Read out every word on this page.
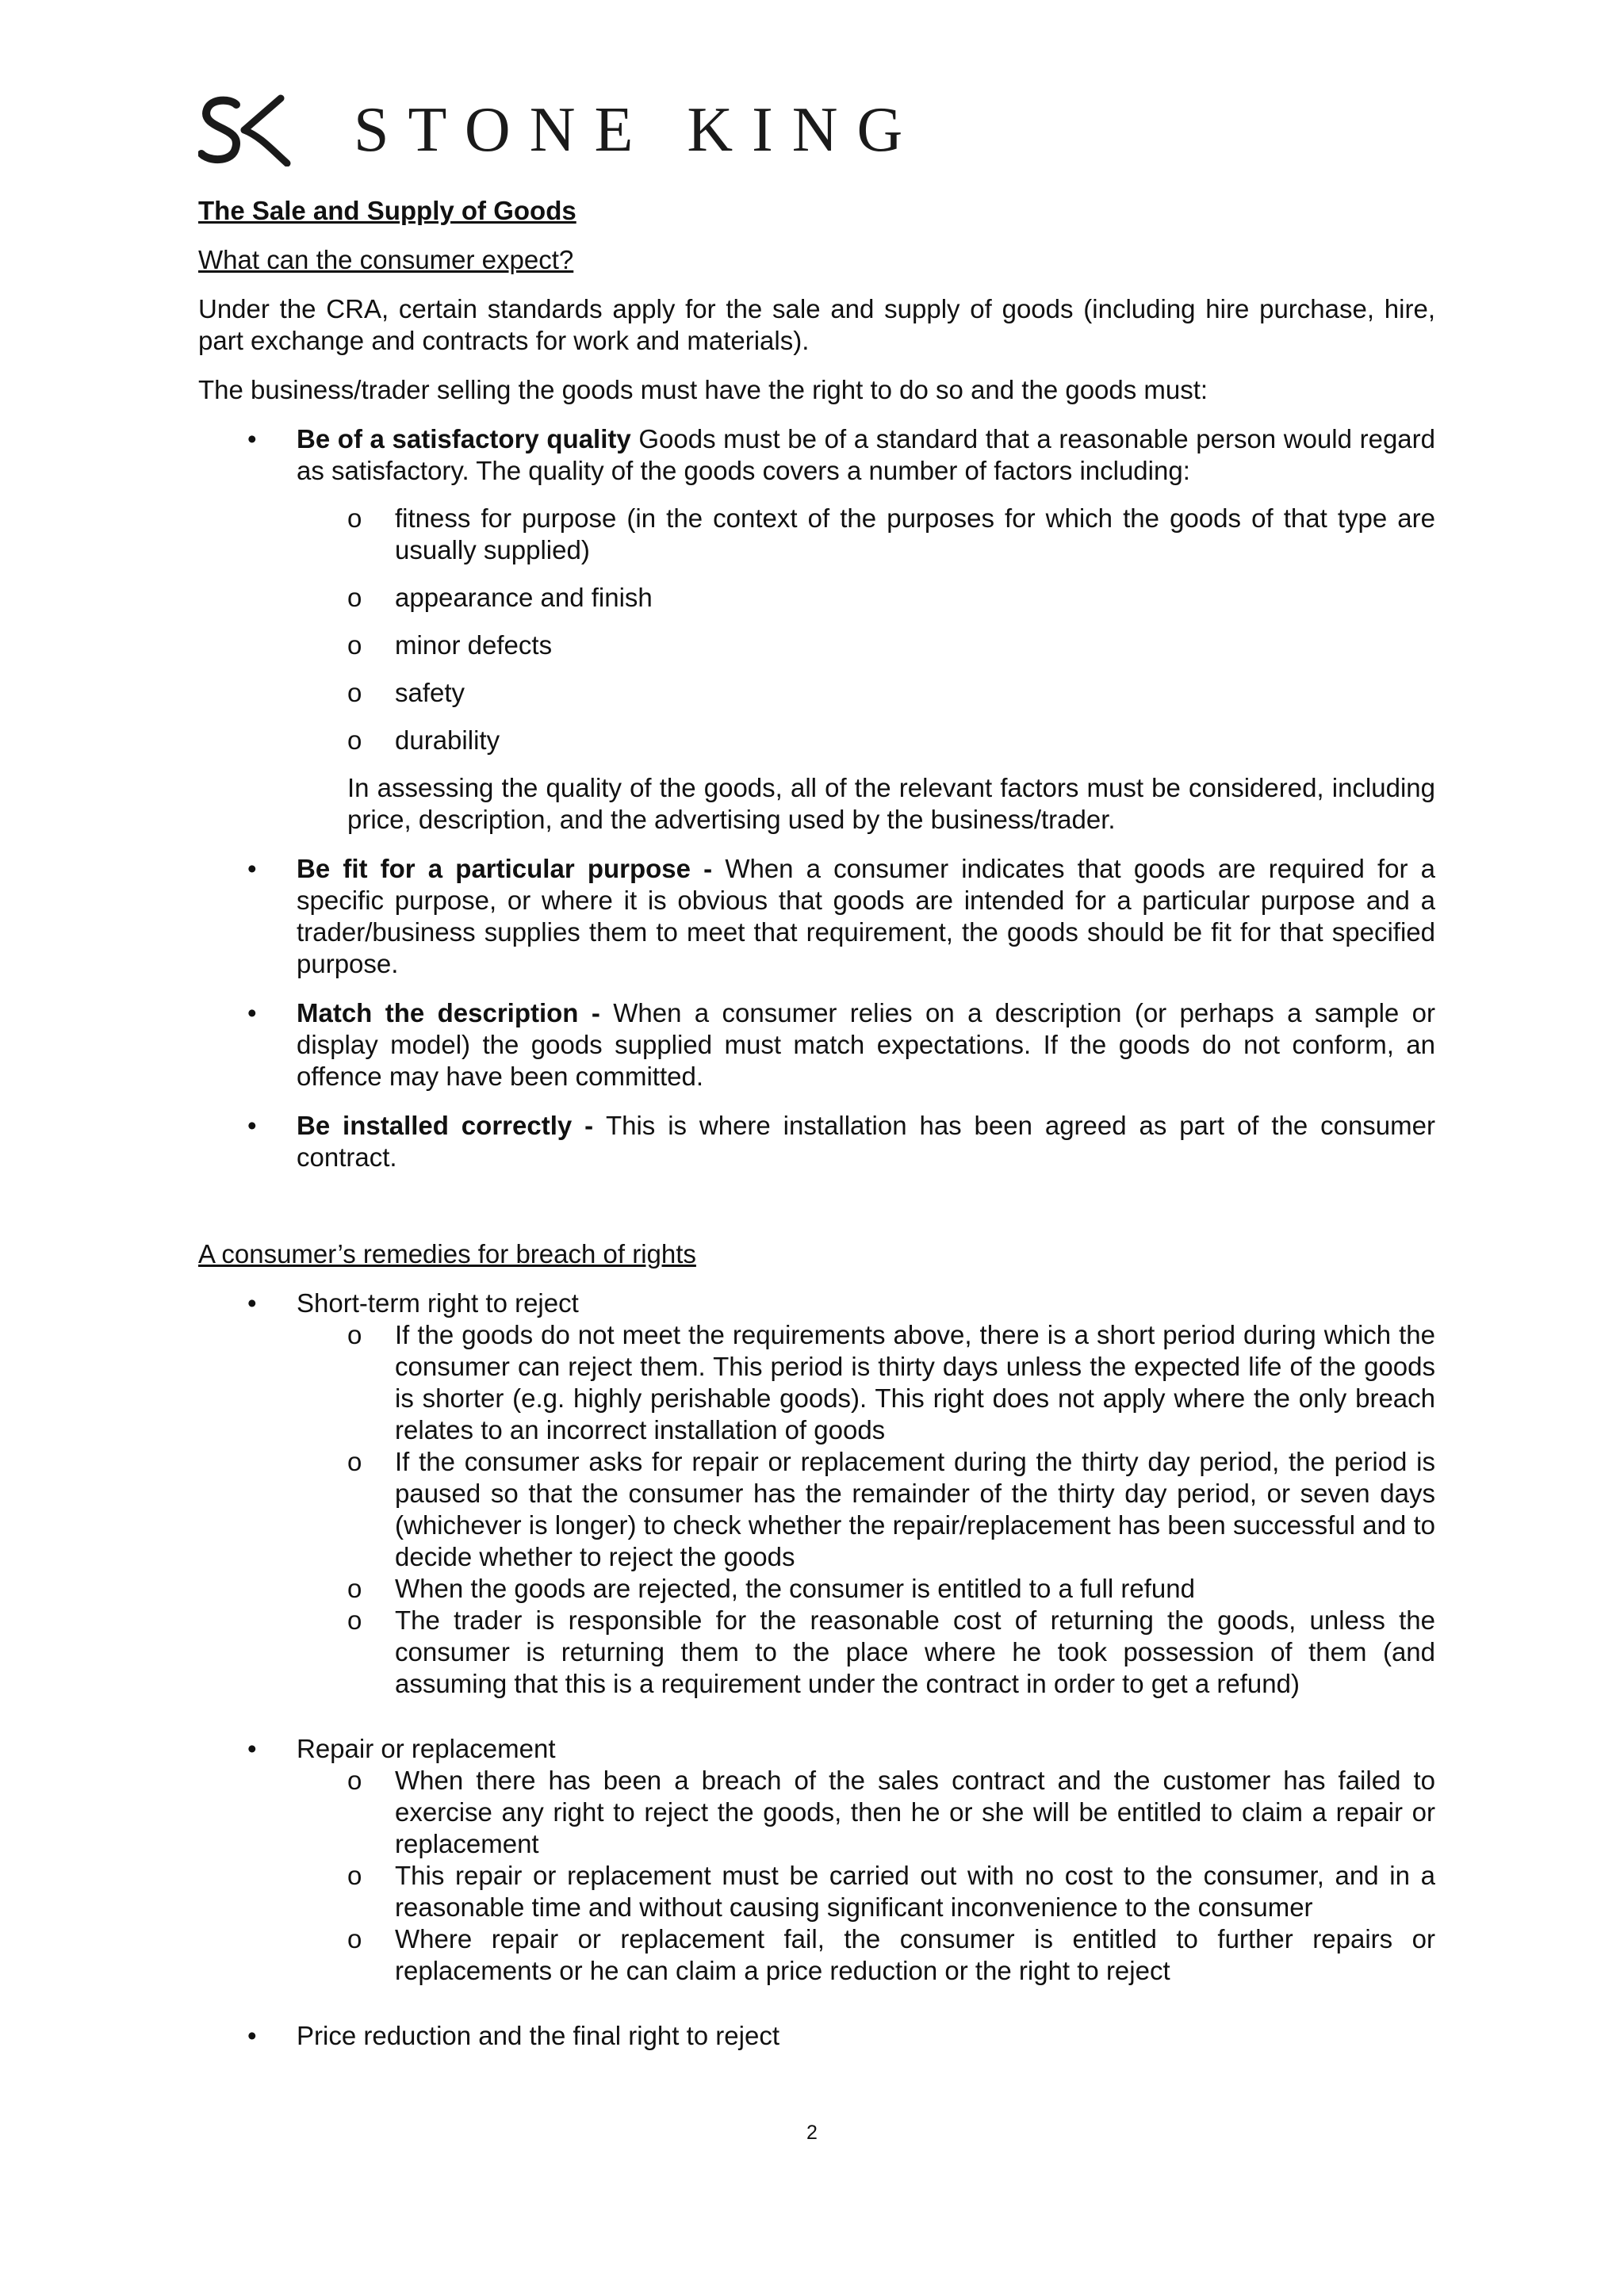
STONE KING

The Sale and Supply of Goods

What can the consumer expect?

Under the CRA, certain standards apply for the sale and supply of goods (including hire purchase, hire, part exchange and contracts for work and materials).

The business/trader selling the goods must have the right to do so and the goods must:

• Be of a satisfactory quality Goods must be of a standard that a reasonable person would regard as satisfactory. The quality of the goods covers a number of factors including:
o fitness for purpose (in the context of the purposes for which the goods of that type are usually supplied)
o appearance and finish
o minor defects
o safety
o durability

In assessing the quality of the goods, all of the relevant factors must be considered, including price, description, and the advertising used by the business/trader.

• Be fit for a particular purpose - When a consumer indicates that goods are required for a specific purpose, or where it is obvious that goods are intended for a particular purpose and a trader/business supplies them to meet that requirement, the goods should be fit for that specified purpose.
• Match the description - When a consumer relies on a description (or perhaps a sample or display model) the goods supplied must match expectations. If the goods do not conform, an offence may have been committed.
• Be installed correctly - This is where installation has been agreed as part of the consumer contract.

A consumer’s remedies for breach of rights

• Short-term right to reject
o If the goods do not meet the requirements above, there is a short period during which the consumer can reject them. This period is thirty days unless the expected life of the goods is shorter (e.g. highly perishable goods). This right does not apply where the only breach relates to an incorrect installation of goods
o If the consumer asks for repair or replacement during the thirty day period, the period is paused so that the consumer has the remainder of the thirty day period, or seven days (whichever is longer) to check whether the repair/replacement has been successful and to decide whether to reject the goods
o When the goods are rejected, the consumer is entitled to a full refund
o The trader is responsible for the reasonable cost of returning the goods, unless the consumer is returning them to the place where he took possession of them (and assuming that this is a requirement under the contract in order to get a refund)
• Repair or replacement
o When there has been a breach of the sales contract and the customer has failed to exercise any right to reject the goods, then he or she will be entitled to claim a repair or replacement
o This repair or replacement must be carried out with no cost to the consumer, and in a reasonable time and without causing significant inconvenience to the consumer
o Where repair or replacement fail, the consumer is entitled to further repairs or replacements or he can claim a price reduction or the right to reject
• Price reduction and the final right to reject
2
